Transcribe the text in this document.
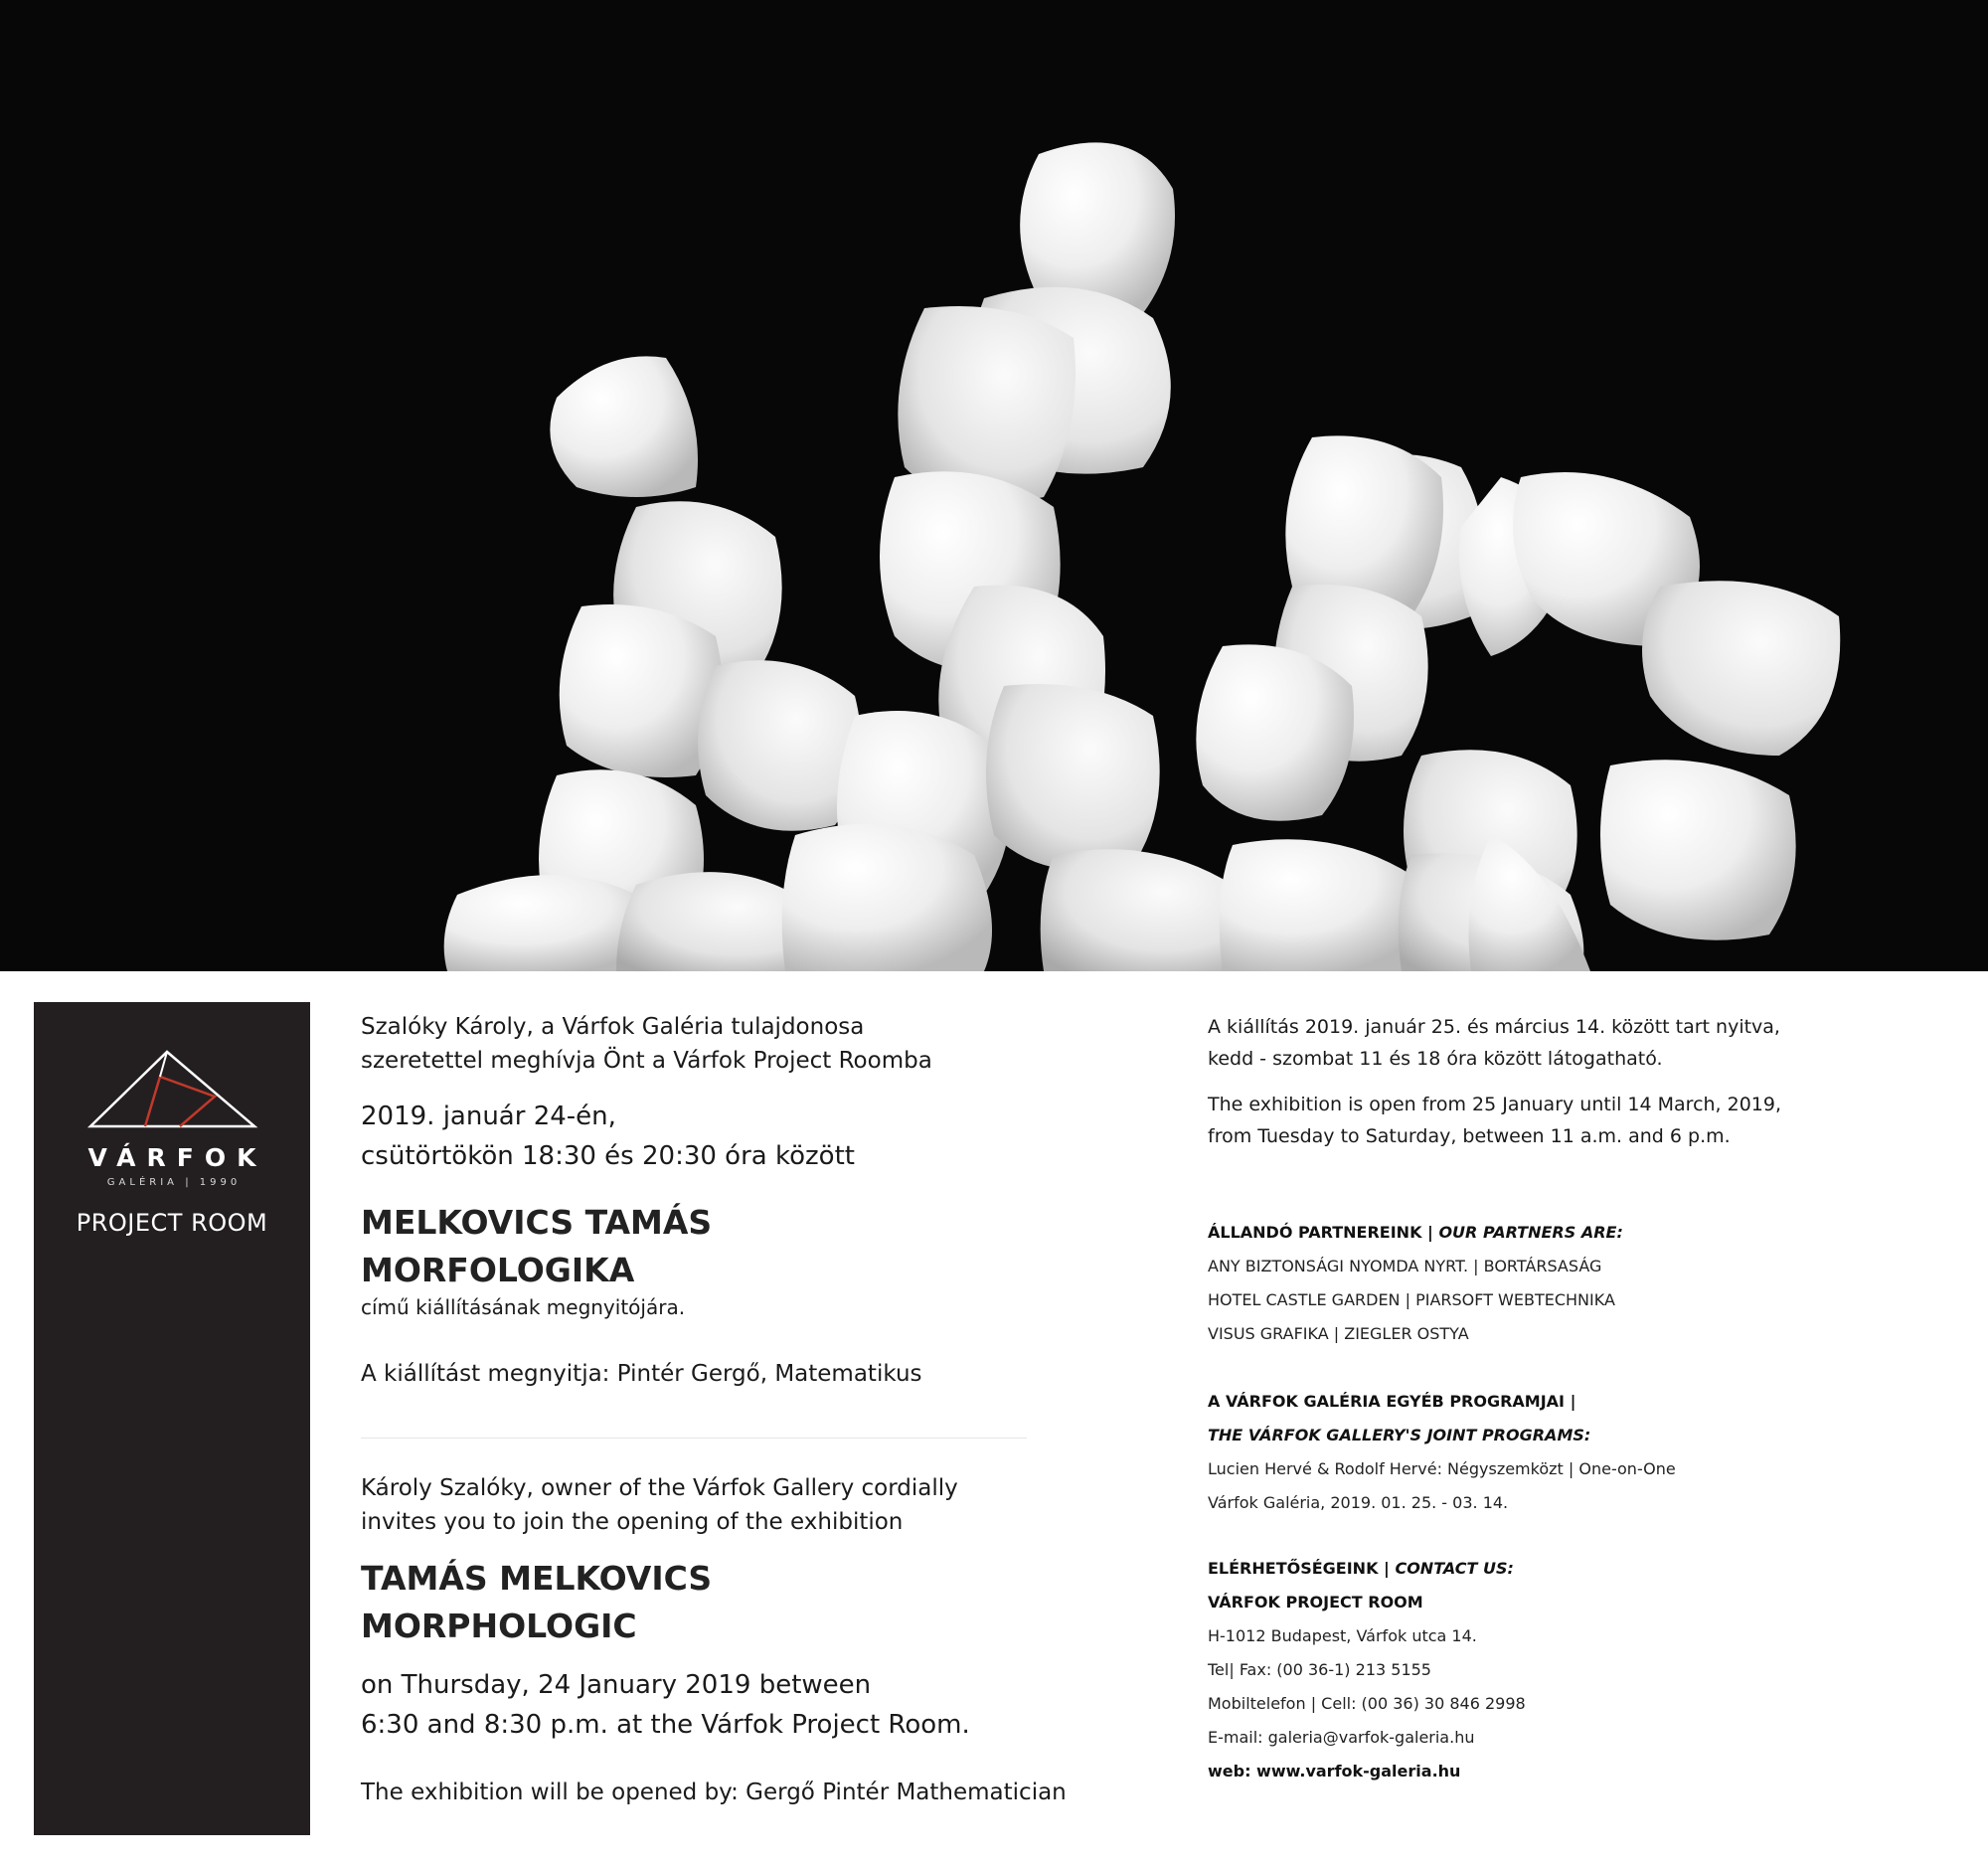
VÁRFOK
GALÉRIA | 1990
PROJECT ROOM
Szalóky Károly, a Várfok Galéria tulajdonosa
szeretettel meghívja Önt a Várfok Project Roomba
2019. január 24-én,
csütörtökön 18:30 és 20:30 óra között
MELKOVICS TAMÁS
MORFOLOGIKA
című kiállításának megnyitójára.
A kiállítást megnyitja: Pintér Gergő, Matematikus
Károly Szalóky, owner of the Várfok Gallery cordially
invites you to join the opening of the exhibition
TAMÁS MELKOVICS
MORPHOLOGIC
on Thursday, 24 January 2019 between
6:30 and 8:30 p.m. at the Várfok Project Room.
The exhibition will be opened by: Gergő Pintér Mathematician
A kiállítás 2019. január 25. és március 14. között tart nyitva,
kedd - szombat 11 és 18 óra között látogatható.
The exhibition is open from 25 January until 14 March, 2019,
from Tuesday to Saturday, between 11 a.m. and 6 p.m.
ÁLLANDÓ PARTNEREINK | OUR PARTNERS ARE:
ANY BIZTONSÁGI NYOMDA NYRT. | BORTÁRSASÁG
HOTEL CASTLE GARDEN | PIARSOFT WEBTECHNIKA
VISUS GRAFIKA | ZIEGLER OSTYA
A VÁRFOK GALÉRIA EGYÉB PROGRAMJAI |
THE VÁRFOK GALLERY'S JOINT PROGRAMS:
Lucien Hervé & Rodolf Hervé: Négyszemközt | One-on-One
Várfok Galéria, 2019. 01. 25. - 03. 14.
ELÉRHETŐSÉGEINK | CONTACT US:
VÁRFOK PROJECT ROOM
H-1012 Budapest, Várfok utca 14.
Tel| Fax: (00 36-1) 213 5155
Mobiltelefon | Cell: (00 36) 30 846 2998
E-mail: galeria@varfok-galeria.hu
web: www.varfok-galeria.hu
